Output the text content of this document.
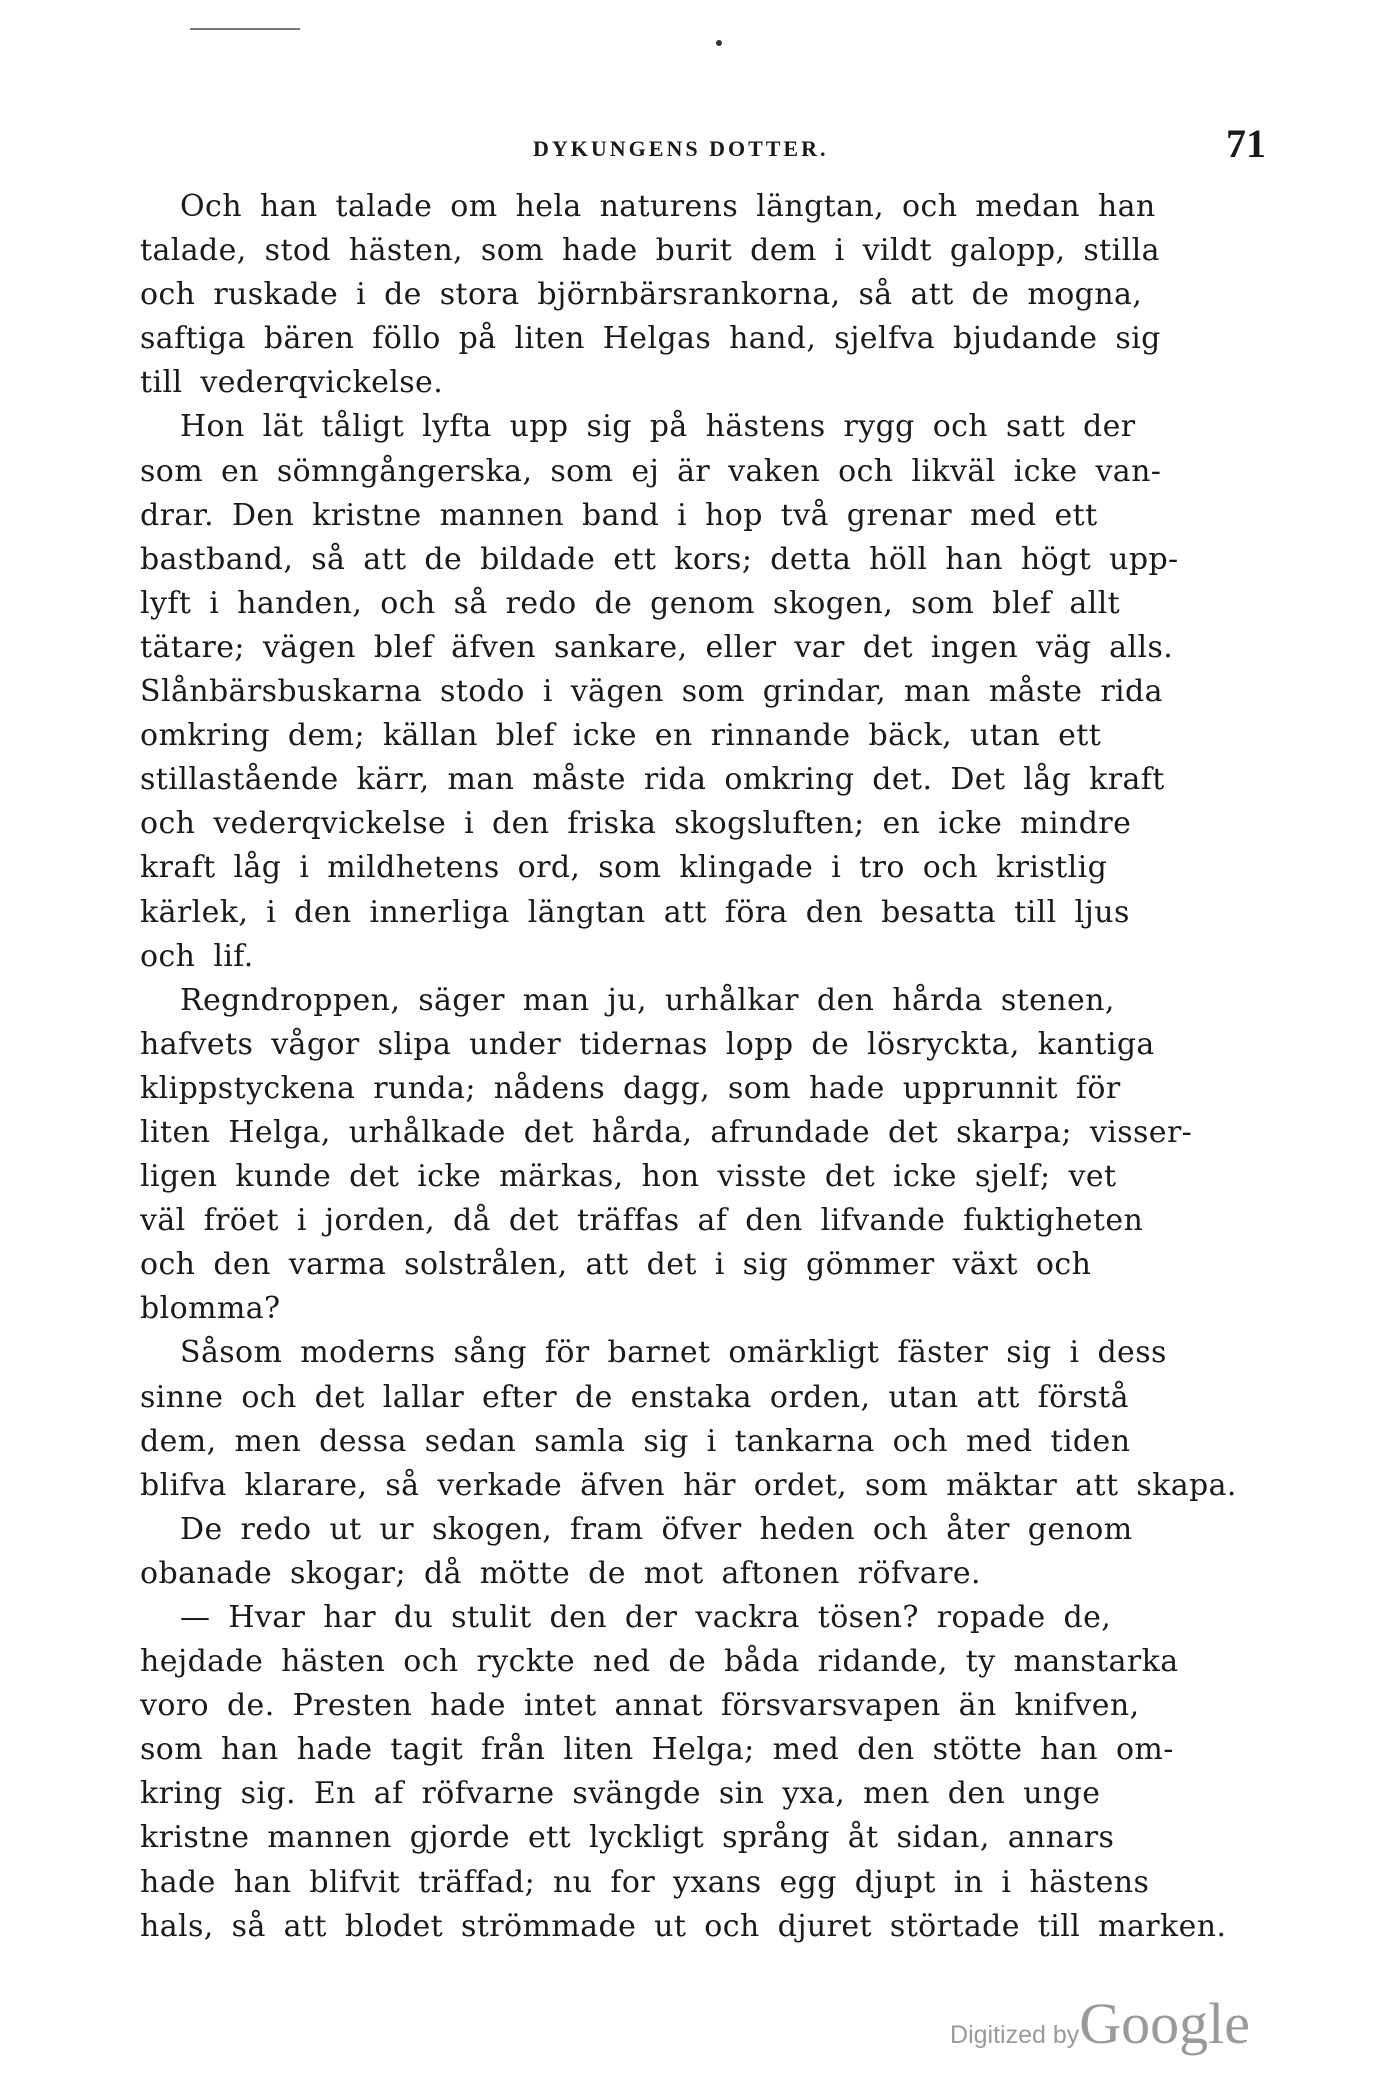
DYKUNGENS DOTTER.	71
Och han talade om hela naturens längtan, och medan han
talade, stod hästen, som hade burit dem i vildt galopp, stilla
och ruskade i de stora björnbärsrankorna, så att de mogna,
saftiga bären föllo på liten Helgas hand, sjelfva bjudande sig
till vederqvickelse.
Hon lät tåligt lyfta upp sig på hästens rygg och satt der
som en sömngångerska, som ej är vaken och likväl icke van-
drar. Den kristne mannen band i hop två grenar med ett
bastband, så att de bildade ett kors; detta höll han högt upp-
lyft i handen, och så redo de genom skogen, som blef allt
tätare; vägen blef äfven sankare, eller var det ingen väg alls.
Slånbärsbuskarna stodo i vägen som grindar, man måste rida
omkring dem; källan blef icke en rinnande bäck, utan ett
stillastående kärr, man måste rida omkring det. Det låg kraft
och vederqvickelse i den friska skogsluften; en icke mindre
kraft låg i mildhetens ord, som klingade i tro och kristlig
kärlek, i den innerliga längtan att föra den besatta till ljus
och lif.
Regndroppen, säger man ju, urhålkar den hårda stenen,
hafvets vågor slipa under tidernas lopp de lösryckta, kantiga
klippstyckena runda; nådens dagg, som hade upprunnit för
liten Helga, urhålkade det hårda, afrundade det skarpa; visser-
ligen kunde det icke märkas, hon visste det icke sjelf; vet
väl fröet i jorden, då det träffas af den lifvande fuktigheten
och den varma solstrålen, att det i sig gömmer växt och
blomma?
Såsom moderns sång för barnet omärkligt fäster sig i dess
sinne och det lallar efter de enstaka orden, utan att förstå
dem, men dessa sedan samla sig i tankarna och med tiden
blifva klarare, så verkade äfven här ordet, som mäktar att skapa.
De redo ut ur skogen, fram öfver heden och åter genom
obanade skogar; då mötte de mot aftonen röfvare.
— Hvar har du stulit den der vackra tösen? ropade de,
hejdade hästen och ryckte ned de båda ridande, ty manstarka
voro de. Presten hade intet annat försvarsvapen än knifven,
som han hade tagit från liten Helga; med den stötte han om-
kring sig. En af röfvarne svängde sin yxa, men den unge
kristne mannen gjorde ett lyckligt språng åt sidan, annars
hade han blifvit träffad; nu for yxans egg djupt in i hästens
hals, så att blodet strömmade ut och djuret störtade till marken.
Digitized byGoogle
